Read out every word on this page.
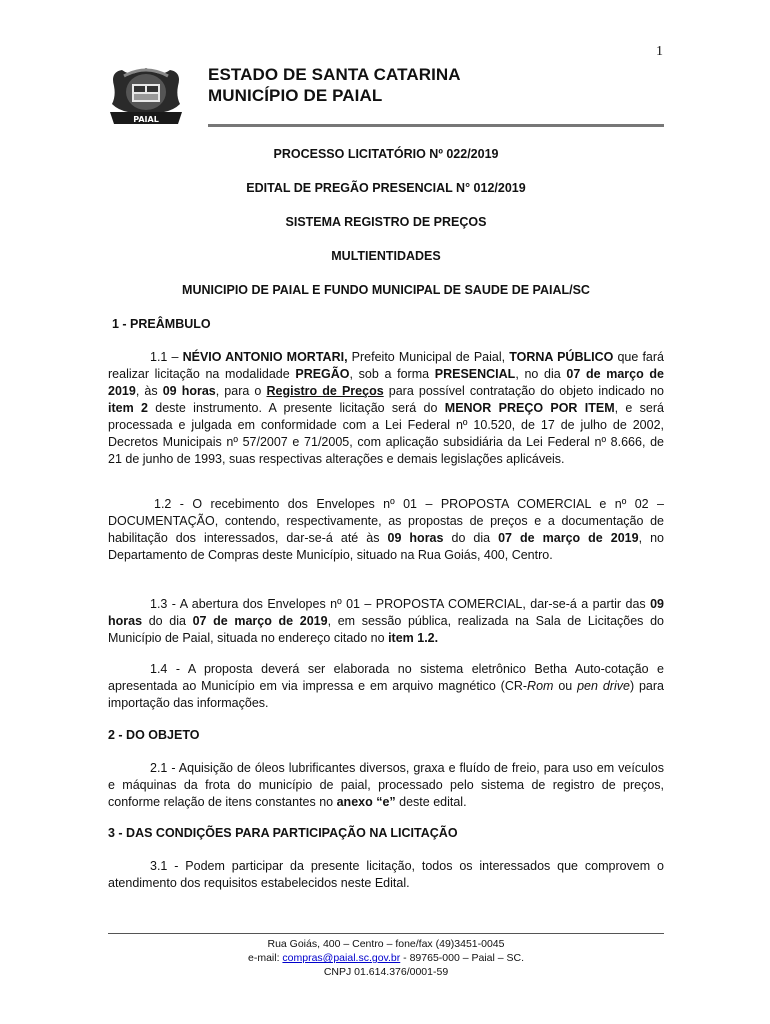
1
PAIAL
ESTADO DE SANTA CATARINA
MUNICÍPIO DE PAIAL
PROCESSO LICITATÓRIO Nº 022/2019
EDITAL DE PREGÃO PRESENCIAL N° 012/2019
SISTEMA REGISTRO DE PREÇOS
MULTIENTIDADES
MUNICIPIO DE PAIAL E FUNDO MUNICIPAL DE SAUDE DE PAIAL/SC
1 - PREÂMBULO
1.1 – NÉVIO ANTONIO MORTARI, Prefeito Municipal de Paial, TORNA PÚBLICO que fará realizar licitação na modalidade PREGÃO, sob a forma PRESENCIAL, no dia 07 de março de 2019, às 09 horas, para o Registro de Preços para possível contratação do objeto indicado no item 2 deste instrumento. A presente licitação será do MENOR PREÇO POR ITEM, e será processada e julgada em conformidade com a Lei Federal nº 10.520, de 17 de julho de 2002, Decretos Municipais nº 57/2007 e 71/2005, com aplicação subsidiária da Lei Federal nº 8.666, de 21 de junho de 1993, suas respectivas alterações e demais legislações aplicáveis.
1.2 - O recebimento dos Envelopes nº 01 – PROPOSTA COMERCIAL e nº 02 – DOCUMENTAÇÃO, contendo, respectivamente, as propostas de preços e a documentação de habilitação dos interessados, dar-se-á até às 09 horas do dia 07 de março de 2019, no Departamento de Compras deste Município, situado na Rua Goiás, 400, Centro.
1.3 - A abertura dos Envelopes nº 01 – PROPOSTA COMERCIAL, dar-se-á a partir das 09 horas do dia 07 de março de 2019, em sessão pública, realizada na Sala de Licitações do Município de Paial, situada no endereço citado no item 1.2.
1.4 - A proposta deverá ser elaborada no sistema eletrônico Betha Auto-cotação e apresentada ao Município em via impressa e em arquivo magnético (CR-Rom ou pen drive) para importação das informações.
2 - DO OBJETO
2.1 - Aquisição de óleos lubrificantes diversos, graxa e fluído de freio, para uso em veículos e máquinas da frota do município de paial, processado pelo sistema de registro de preços, conforme relação de itens constantes no anexo “e” deste edital.
3 - DAS CONDIÇÕES PARA PARTICIPAÇÃO NA LICITAÇÃO
3.1 - Podem participar da presente licitação, todos os interessados que comprovem o atendimento dos requisitos estabelecidos neste Edital.
Rua Goiás, 400 – Centro – fone/fax (49)3451-0045
e-mail: compras@paial.sc.gov.br - 89765-000 – Paial – SC.
CNPJ 01.614.376/0001-59
